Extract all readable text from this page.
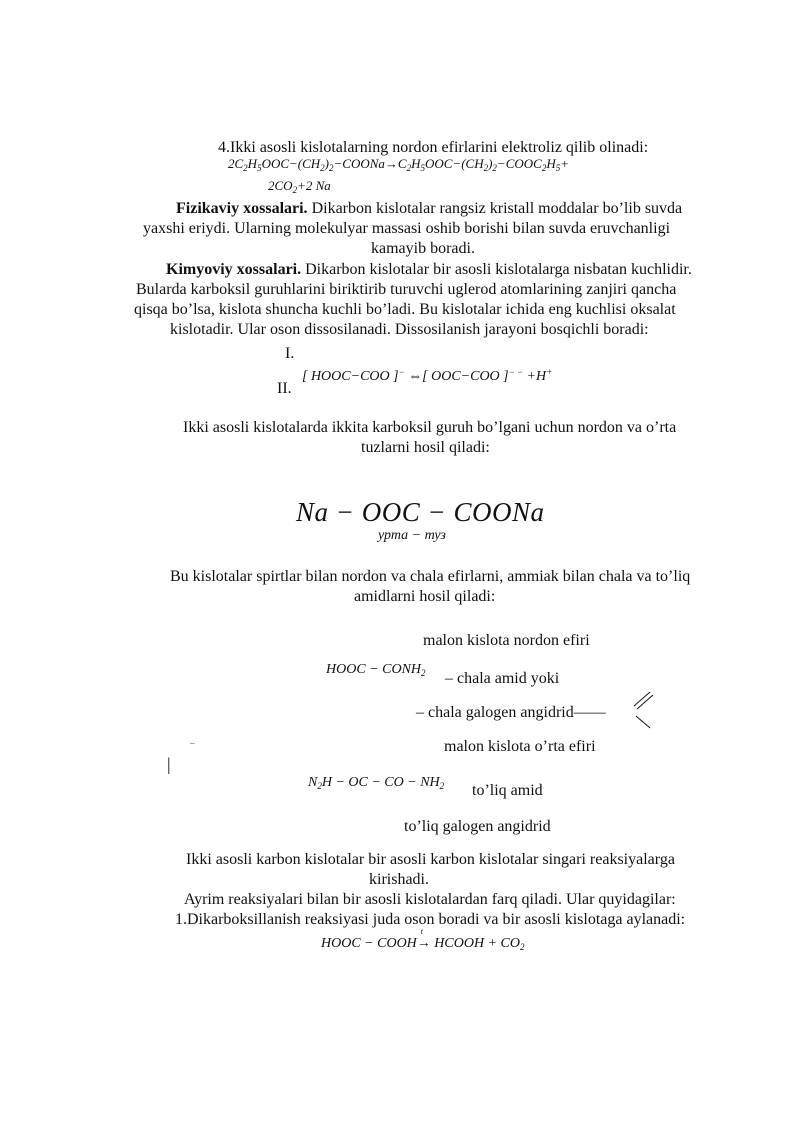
4.Ikki asosli kislotalarning nordon efirlarini elektroliz qilib olinadi:
$2C_2H_5OOC-(CH_2)_2-COONa\to C_2H_5OOC-(CH_2)_2-COOC_2H_5+$
$2CO_2+2$ Na
Fizikaviy xossalari. Dikarbon kislotalar rangsiz kristall moddalar bo’lib suvda
yaxshi eriydi. Ularning molekulyar massasi oshib borishi bilan suvda eruvchanligi
kamayib boradi.
Kimyoviy xossalari. Dikarbon kislotalar bir asosli kislotalarga nisbatan kuchlidir.
Bularda karboksil guruhlarini biriktirib turuvchi uglerod atomlarining zanjiri qancha
qisqa bo’lsa, kislota shuncha kuchli bo’ladi. Bu kislotalar ichida eng kuchlisi oksalat
kislotadir. Ular oson dissosilanadi. Dissosilanish jarayoni bosqichli boradi:
I.
II.
[ HOOC−COO ]− ⇔[ OOC−COO ]− − +H+
Ikki asosli kislotalarda ikkita karboksil guruh bo’lgani uchun nordon va o’rta
tuzlarni hosil qiladi:
Na − OOC − COONa
урта − туз
Bu kislotalar spirtlar bilan nordon va chala efirlarni, ammiak bilan chala va to’liq
amidlarni hosil qiladi:
malon kislota nordon efiri
HOOC − $CONH_2$ – chala amid yoki
– chala galogen angidrid——
–	malon kislota o’rta efiri
|
$N_2H$ − OC − CO − $NH_2$ to’liq amid
to’liq galogen angidrid
Ikki asosli karbon kislotalar bir asosli karbon kislotalar singari reaksiyalarga
kirishadi.
Ayrim reaksiyalari bilan bir asosli kislotalardan farq qiladi. Ular quyidagilar:
1.Dikarboksillanish reaksiyasi juda oson boradi va bir asosli kislotaga aylanadi:
HOOC − COOH
t
→ HCOOH + $CO_2$
